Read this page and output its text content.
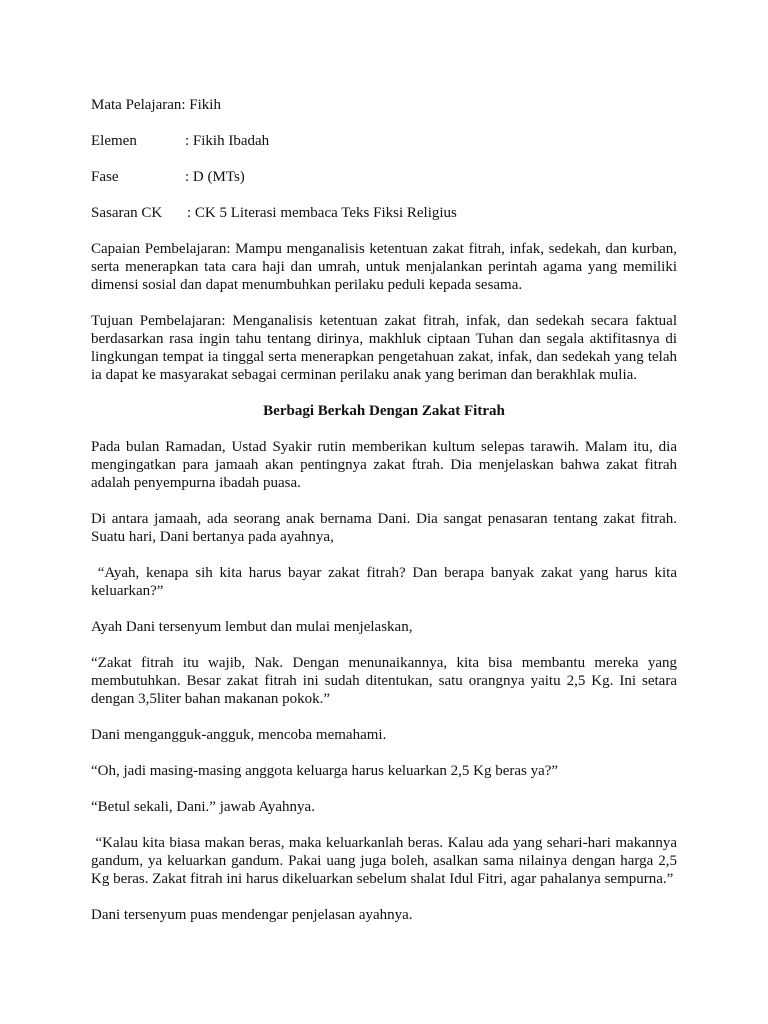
Mata Pelajaran: Fikih
Elemen	: Fikih Ibadah
Fase	: D (MTs)
Sasaran CK	: CK 5 Literasi membaca Teks Fiksi Religius

Capaian Pembelajaran: Mampu menganalisis ketentuan zakat fitrah, infak, sedekah, dan kurban, serta menerapkan tata cara haji dan umrah, untuk menjalankan perintah agama yang memiliki dimensi sosial dan dapat menumbuhkan perilaku peduli kepada sesama.

Tujuan Pembelajaran: Menganalisis ketentuan zakat fitrah, infak, dan sedekah secara faktual berdasarkan rasa ingin tahu tentang dirinya, makhluk ciptaan Tuhan dan segala aktifitasnya di lingkungan tempat ia tinggal serta menerapkan pengetahuan zakat, infak, dan sedekah yang telah ia dapat ke masyarakat sebagai cerminan perilaku anak yang beriman dan berakhlak mulia.

Berbagi Berkah Dengan Zakat Fitrah

Pada bulan Ramadan, Ustad Syakir rutin memberikan kultum selepas tarawih. Malam itu, dia mengingatkan para jamaah akan pentingnya zakat ftrah. Dia menjelaskan bahwa zakat fitrah adalah penyempurna ibadah puasa.

Di antara jamaah, ada seorang anak bernama Dani. Dia sangat penasaran tentang zakat fitrah. Suatu hari, Dani bertanya pada ayahnya,

“Ayah, kenapa sih kita harus bayar zakat fitrah? Dan berapa banyak zakat yang harus kita keluarkan?”

Ayah Dani tersenyum lembut dan mulai menjelaskan,

“Zakat fitrah itu wajib, Nak. Dengan menunaikannya, kita bisa membantu mereka yang membutuhkan. Besar zakat fitrah ini sudah ditentukan, satu orangnya yaitu 2,5 Kg. Ini setara dengan 3,5liter bahan makanan pokok.”

Dani mengangguk-angguk, mencoba memahami.

“Oh, jadi masing-masing anggota keluarga harus keluarkan 2,5 Kg beras ya?”

“Betul sekali, Dani.” jawab Ayahnya.

“Kalau kita biasa makan beras, maka keluarkanlah beras. Kalau ada yang sehari-hari makannya gandum, ya keluarkan gandum. Pakai uang juga boleh, asalkan sama nilainya dengan harga 2,5 Kg beras. Zakat fitrah ini harus dikeluarkan sebelum shalat Idul Fitri, agar pahalanya sempurna.”

Dani tersenyum puas mendengar penjelasan ayahnya.
